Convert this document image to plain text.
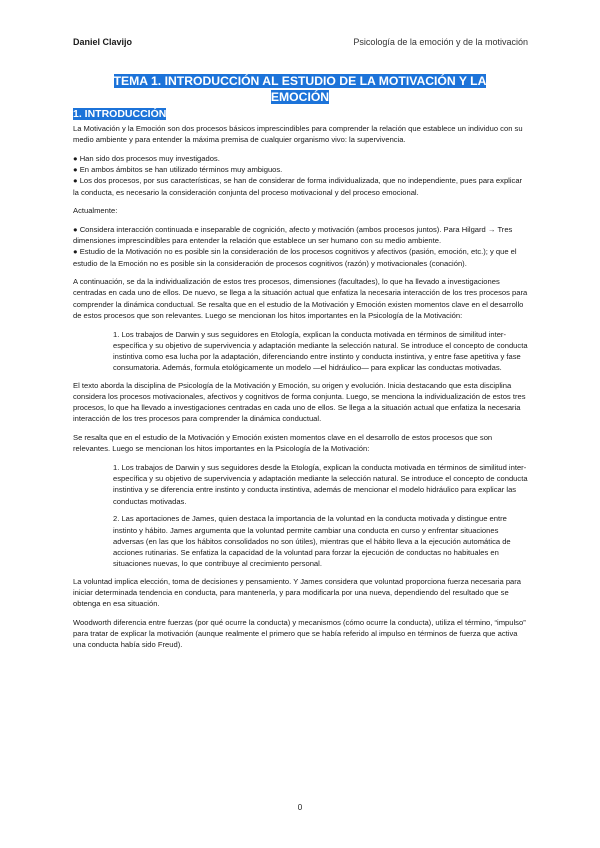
Daniel Clavijo	Psicología de la emoción y de la motivación
TEMA 1. INTRODUCCIÓN AL ESTUDIO DE LA MOTIVACIÓN Y LA EMOCIÓN
1. INTRODUCCIÓN

La Motivación y la Emoción son dos procesos básicos imprescindibles para comprender la relación que establece un individuo con su medio ambiente y para entender la máxima premisa de cualquier organismo vivo: la supervivencia.

● Han sido dos procesos muy investigados.

● En ambos ámbitos se han utilizado términos muy ambiguos.

● Los dos procesos, por sus características, se han de considerar de forma individualizada, que no independiente, pues para explicar la conducta, es necesario la consideración conjunta del proceso motivacional y del proceso emocional.

Actualmente:

● Considera interacción continuada e inseparable de cognición, afecto y motivación (ambos procesos juntos). Para Hilgard → Tres dimensiones imprescindibles para entender la relación que establece un ser humano con su medio ambiente.

● Estudio de la Motivación no es posible sin la consideración de los procesos cognitivos y afectivos (pasión, emoción, etc.); y que el estudio de la Emoción no es posible sin la consideración de procesos cognitivos (razón) y motivacionales (conación).

A continuación, se da la individualización de estos tres procesos, dimensiones (facultades), lo que ha llevado a investigaciones centradas en cada uno de ellos. De nuevo, se llega a la situación actual que enfatiza la necesaria interacción de los tres procesos para comprender la dinámica conductual. Se resalta que en el estudio de la Motivación y Emoción existen momentos clave en el desarrollo de estos procesos que son relevantes. Luego se mencionan los hitos importantes en la Psicología de la Motivación:

1. Los trabajos de Darwin y sus seguidores en Etología, explican la conducta motivada en términos de similitud inter-específica y su objetivo de supervivencia y adaptación mediante la selección natural. Se introduce el concepto de conducta instintiva como esa lucha por la adaptación, diferenciando entre instinto y conducta instintiva, y entre fase apetitiva y fase consumatoria. Además, formula etológicamente un modelo —el hidráulico— para explicar las conductas motivadas.

El texto aborda la disciplina de Psicología de la Motivación y Emoción, su origen y evolución. Inicia destacando que esta disciplina considera los procesos motivacionales, afectivos y cognitivos de forma conjunta. Luego, se menciona la individualización de estos tres procesos, lo que ha llevado a investigaciones centradas en cada uno de ellos. Se llega a la situación actual que enfatiza la necesaria interacción de los tres procesos para comprender la dinámica conductual.

Se resalta que en el estudio de la Motivación y Emoción existen momentos clave en el desarrollo de estos procesos que son relevantes. Luego se mencionan los hitos importantes en la Psicología de la Motivación:

1. Los trabajos de Darwin y sus seguidores desde la Etología, explican la conducta motivada en términos de similitud inter-específica y su objetivo de supervivencia y adaptación mediante la selección natural. Se introduce el concepto de conducta instintiva y se diferencia entre instinto y conducta instintiva, además de mencionar el modelo hidráulico para explicar las conductas motivadas.

2. Las aportaciones de James, quien destaca la importancia de la voluntad en la conducta motivada y distingue entre instinto y hábito. James argumenta que la voluntad permite cambiar una conducta en curso y enfrentar situaciones adversas (en las que los hábitos consolidados no son útiles), mientras que el hábito lleva a la ejecución automática de acciones rutinarias. Se enfatiza la capacidad de la voluntad para forzar la ejecución de conductas no habituales en situaciones nuevas, lo que contribuye al crecimiento personal.

La voluntad implica elección, toma de decisiones y pensamiento. Y James considera que voluntad proporciona fuerza necesaria para iniciar determinada tendencia en conducta, para mantenerla, y para modificarla por una nueva, dependiendo del resultado que se obtenga en esa situación.

Woodworth diferencia entre fuerzas (por qué ocurre la conducta) y mecanismos (cómo ocurre la conducta), utiliza el término, “impulso” para tratar de explicar la motivación (aunque realmente el primero que se había referido al impulso en términos de fuerza que activa una conducta había sido Freud).

0
